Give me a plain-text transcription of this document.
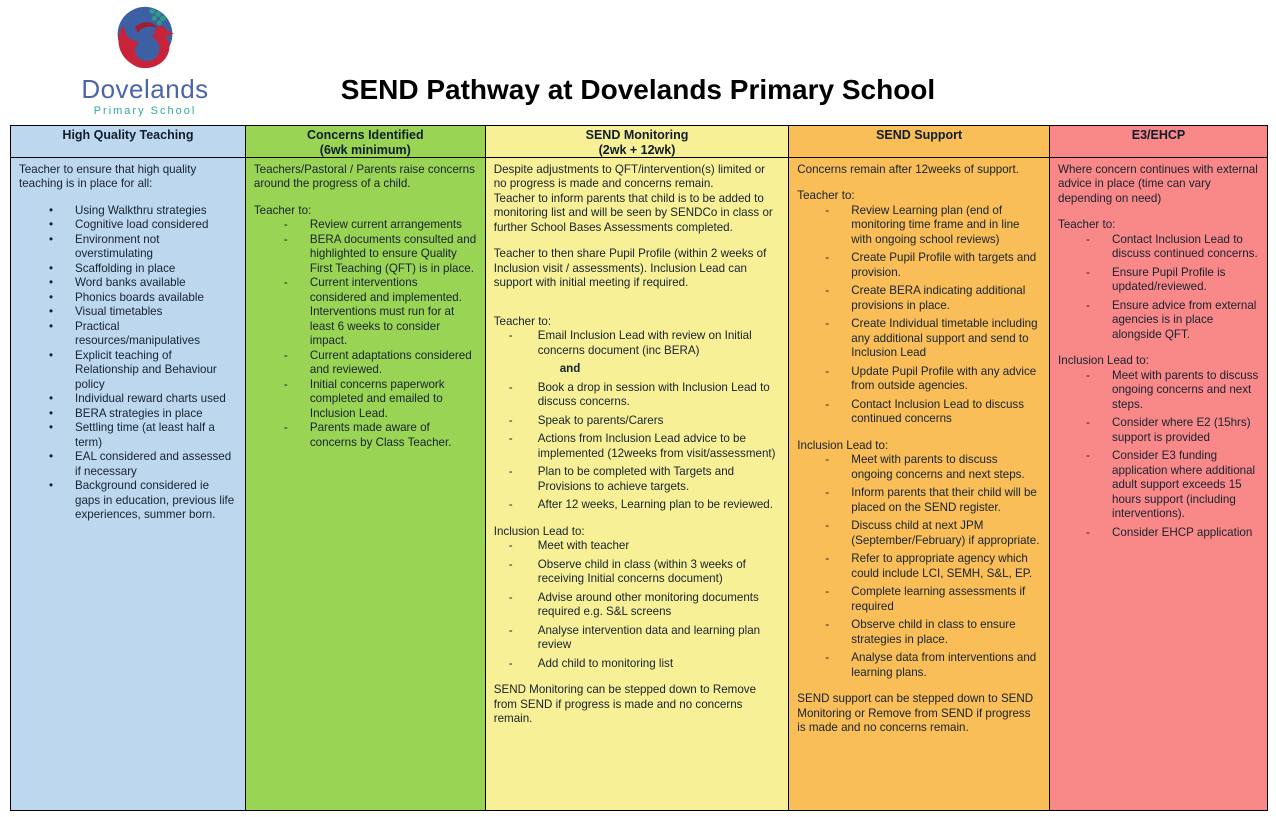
Dovelands
Primary School
SEND Pathway at Dovelands Primary School
High Quality Teaching

Teacher to ensure that high quality teaching is in place for all:

• Using Walkthru strategies
• Cognitive load considered
• Environment not overstimulating
• Scaffolding in place
• Word banks available
• Phonics boards available
• Visual timetables
• Practical resources/manipulatives
• Explicit teaching of Relationship and Behaviour policy
• Individual reward charts used
• BERA strategies in place
• Settling time (at least half a term)
• EAL considered and assessed if necessary
• Background considered ie gaps in education, previous life experiences, summer born.
Concerns Identified
(6wk minimum)

Teachers/Pastoral / Parents raise concerns around the progress of a child.

Teacher to:

- Review current arrangements
- BERA documents consulted and highlighted to ensure Quality First Teaching (QFT) is in place.
- Current interventions considered and implemented. Interventions must run for at least 6 weeks to consider impact.
- Current adaptations considered and reviewed.
- Initial concerns paperwork completed and emailed to Inclusion Lead.
- Parents made aware of concerns by Class Teacher.
SEND Monitoring
(2wk + 12wk)

Despite adjustments to QFT/intervention(s) limited or no progress is made and concerns remain.

Teacher to inform parents that child is to be added to monitoring list and will be seen by SENDCo in class or further School Bases Assessments completed.

Teacher to then share Pupil Profile (within 2 weeks of Inclusion visit / assessments). Inclusion Lead can support with initial meeting if required.

Teacher to:

- Email Inclusion Lead with review on Initial concerns document (inc BERA)
and
- Book a drop in session with Inclusion Lead to discuss concerns.
- Speak to parents/Carers
- Actions from Inclusion Lead advice to be implemented (12weeks from visit/assessment)
- Plan to be completed with Targets and Provisions to achieve targets.
- After 12 weeks, Learning plan to be reviewed.

Inclusion Lead to:

- Meet with teacher
- Observe child in class (within 3 weeks of receiving Initial concerns document)
- Advise around other monitoring documents required e.g. S&L screens
- Analyse intervention data and learning plan review
- Add child to monitoring list

SEND Monitoring can be stepped down to Remove from SEND if progress is made and no concerns remain.

SEND Support

Concerns remain after 12weeks of support.

Teacher to:

- Review Learning plan (end of monitoring time frame and in line with ongoing school reviews)
- Create Pupil Profile with targets and provision.
- Create BERA indicating additional provisions in place.
- Create Individual timetable including any additional support and send to Inclusion Lead
- Update Pupil Profile with any advice from outside agencies.
- Contact Inclusion Lead to discuss continued concerns

Inclusion Lead to:

- Meet with parents to discuss ongoing concerns and next steps.
- Inform parents that their child will be placed on the SEND register.
- Discuss child at next JPM (September/February) if appropriate.
- Refer to appropriate agency which could include LCI, SEMH, S&L, EP.
- Complete learning assessments if required
- Observe child in class to ensure strategies in place.
- Analyse data from interventions and learning plans.

SEND support can be stepped down to SEND Monitoring or Remove from SEND if progress is made and no concerns remain.

E3/EHCP

Where concern continues with external advice in place (time can vary depending on need)

Teacher to:

- Contact Inclusion Lead to discuss continued concerns.
- Ensure Pupil Profile is updated/reviewed.
- Ensure advice from external agencies is in place alongside QFT.

Inclusion Lead to:

- Meet with parents to discuss ongoing concerns and next steps.
- Consider where E2 (15hrs) support is provided
- Consider E3 funding application where additional adult support exceeds 15 hours support (including interventions).
- Consider EHCP application
